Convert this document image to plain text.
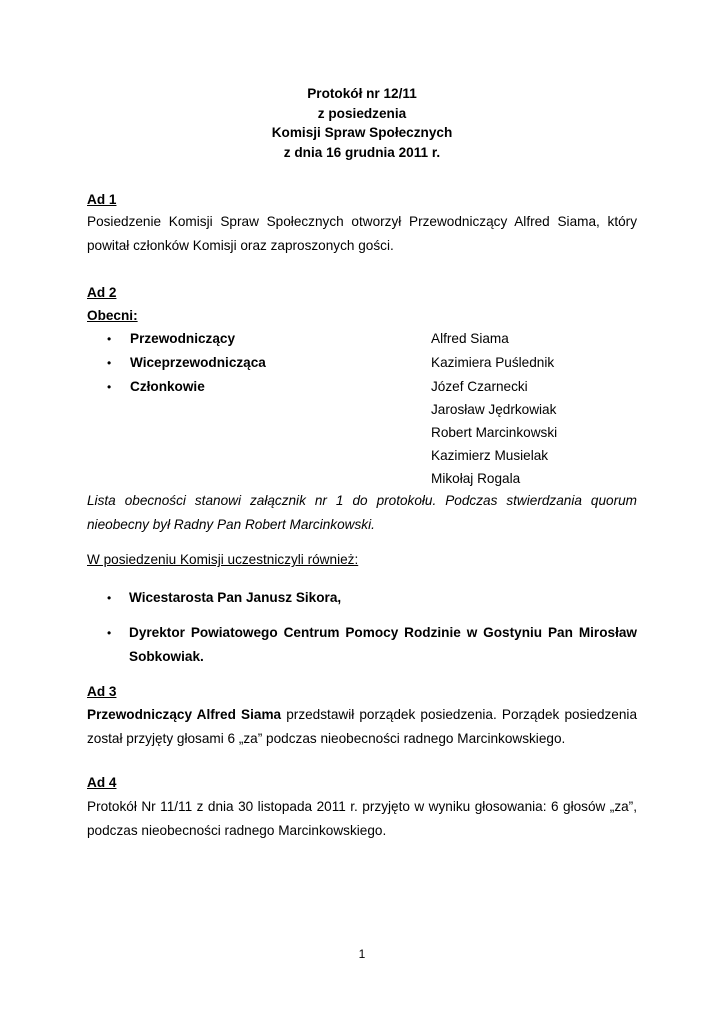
Protokół nr 12/11
z posiedzenia
Komisji Spraw Społecznych
z dnia 16 grudnia 2011 r.
Ad 1
Posiedzenie Komisji Spraw Społecznych otworzył Przewodniczący Alfred Siama, który
powitał członków Komisji oraz zaproszonych gości.
Ad 2
Obecni:
• Przewodniczący	Alfred Siama
• Wiceprzewodnicząca	Kazimiera Puślednik
• Członkowie	Józef Czarnecki
Jarosław Jędrkowiak
Robert Marcinkowski
Kazimierz Musielak
Mikołaj Rogala
Lista obecności stanowi załącznik nr 1 do protokołu. Podczas stwierdzania quorum
nieobecny był Radny Pan Robert Marcinkowski.
W posiedzeniu Komisji uczestniczyli również:
• Wicestarosta Pan Janusz Sikora,
• Dyrektor Powiatowego Centrum Pomocy Rodzinie w Gostyniu Pan Mirosław
Sobkowiak.
Ad 3
Przewodniczący Alfred Siama przedstawił porządek posiedzenia. Porządek posiedzenia
został przyjęty głosami 6 „za” podczas nieobecności radnego Marcinkowskiego.
Ad 4
Protokół Nr 11/11 z dnia 30 listopada 2011 r. przyjęto w wyniku głosowania: 6 głosów „za”,
podczas nieobecności radnego Marcinkowskiego.
1
